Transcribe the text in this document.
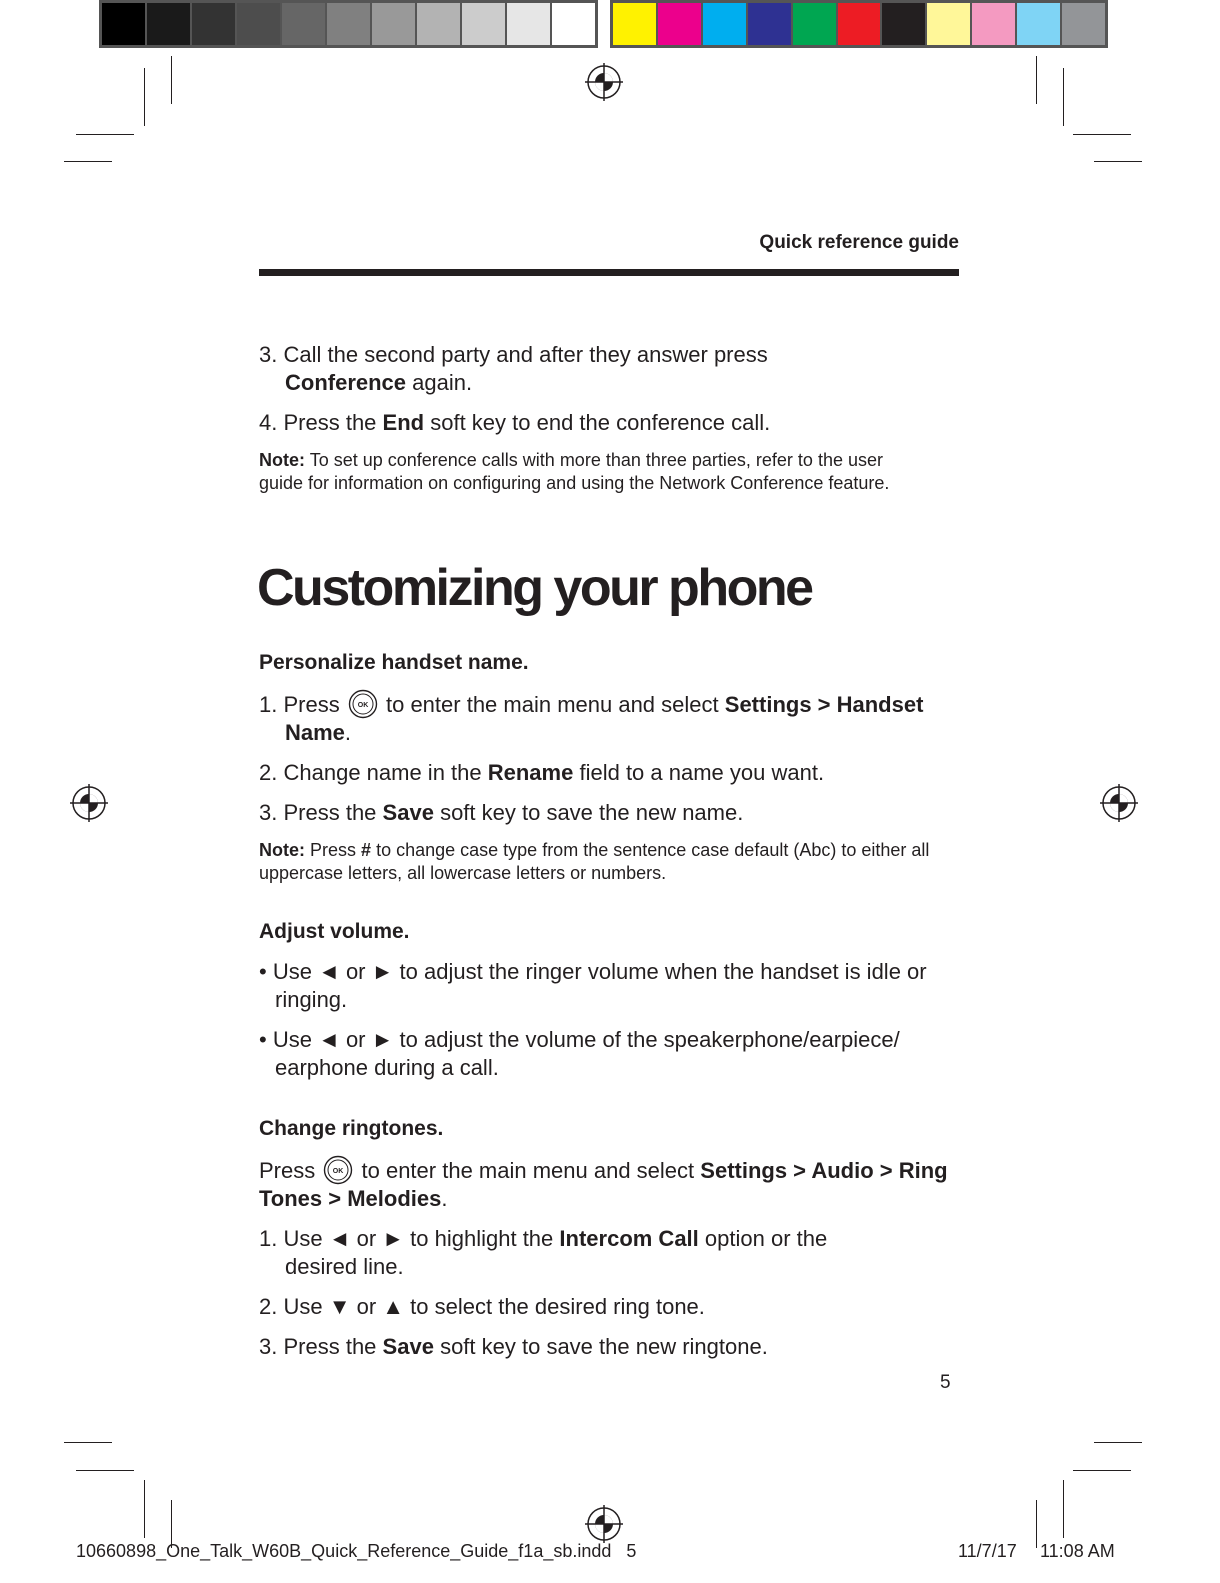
Quick reference guide

3. Call the second party and after they answer press
Conference again.

4. Press the End soft key to end the conference call.

Note: To set up conference calls with more than three parties, refer to the user guide for information on configuring and using the Network Conference feature.

Customizing your phone

Personalize handset name.

1. Press	OK to enter the main menu and select Settings > Handset Name.

2. Change name in the Rename field to a name you want.

3. Press the Save soft key to save the new name.

Note: Press # to change case type from the sentence case default (Abc) to either all uppercase letters, all lowercase letters or numbers.

Adjust volume.

• Use ◄ or ► to adjust the ringer volume when the handset is idle or ringing.

• Use ◄ or ► to adjust the volume of the speakerphone/earpiece/ earphone during a call.

Change ringtones.

Press	OK to enter the main menu and select Settings > Audio > Ring Tones > Melodies.

1. Use ◄ or ► to highlight the Intercom Call option or the desired line.

2. Use ▼ or ▲ to select the desired ring tone.

3. Press the Save soft key to save the new ringtone.

5
10660898_One_Talk_W60B_Quick_Reference_Guide_f1a_sb.indd 5	11/7/17 11:08 AM
